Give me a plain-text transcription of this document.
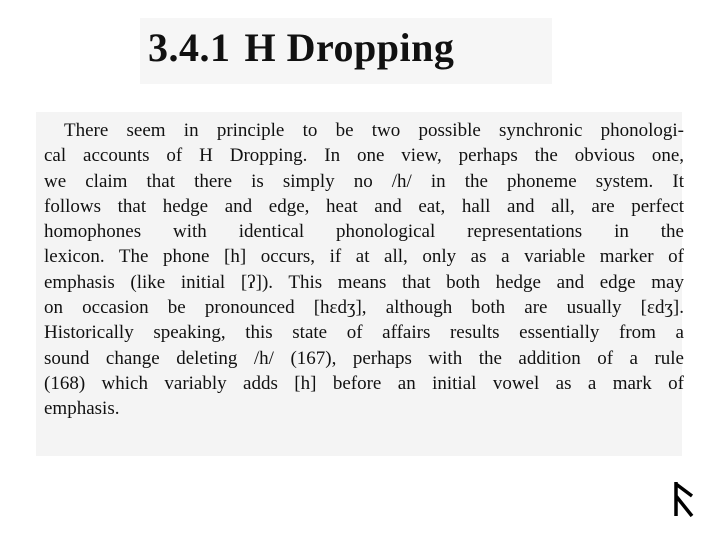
3.4.1 H Dropping
There seem in principle to be two possible synchronic phonologi-
cal accounts of H Dropping. In one view, perhaps the obvious one,
we claim that there is simply no /h/ in the phoneme system. It
follows that hedge and edge, heat and eat, hall and all, are perfect
homophones with identical phonological representations in the
lexicon. The phone [h] occurs, if at all, only as a variable marker of
emphasis (like initial [ʔ]). This means that both hedge and edge may
on occasion be pronounced [hɛdʒ], although both are usually [ɛdʒ].
Historically speaking, this state of affairs results essentially from a
sound change deleting /h/ (167), perhaps with the addition of a rule
(168) which variably adds [h] before an initial vowel as a mark of
emphasis.
